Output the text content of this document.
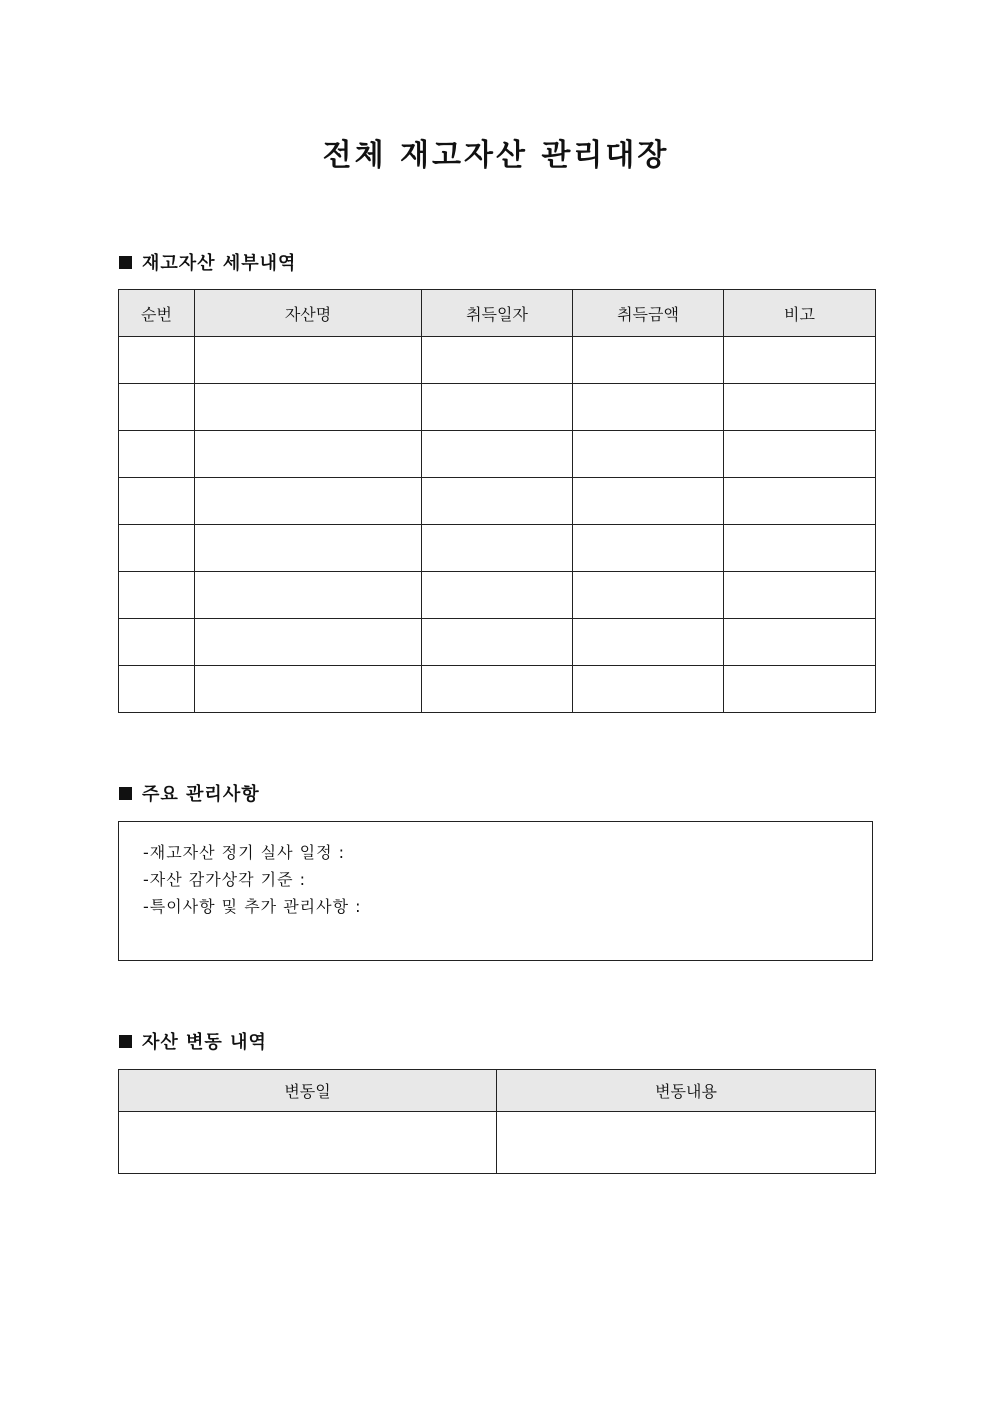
전체 재고자산 관리대장
재고자산 세부내역
순번	자산명	취득일자	취득금액	비고

주요 관리사항
-재고자산 정기 실사 일정 :
-자산 감가상각 기준 :
-특이사항 및 추가 관리사항 :
자산 변동 내역
변동일	변동내용
